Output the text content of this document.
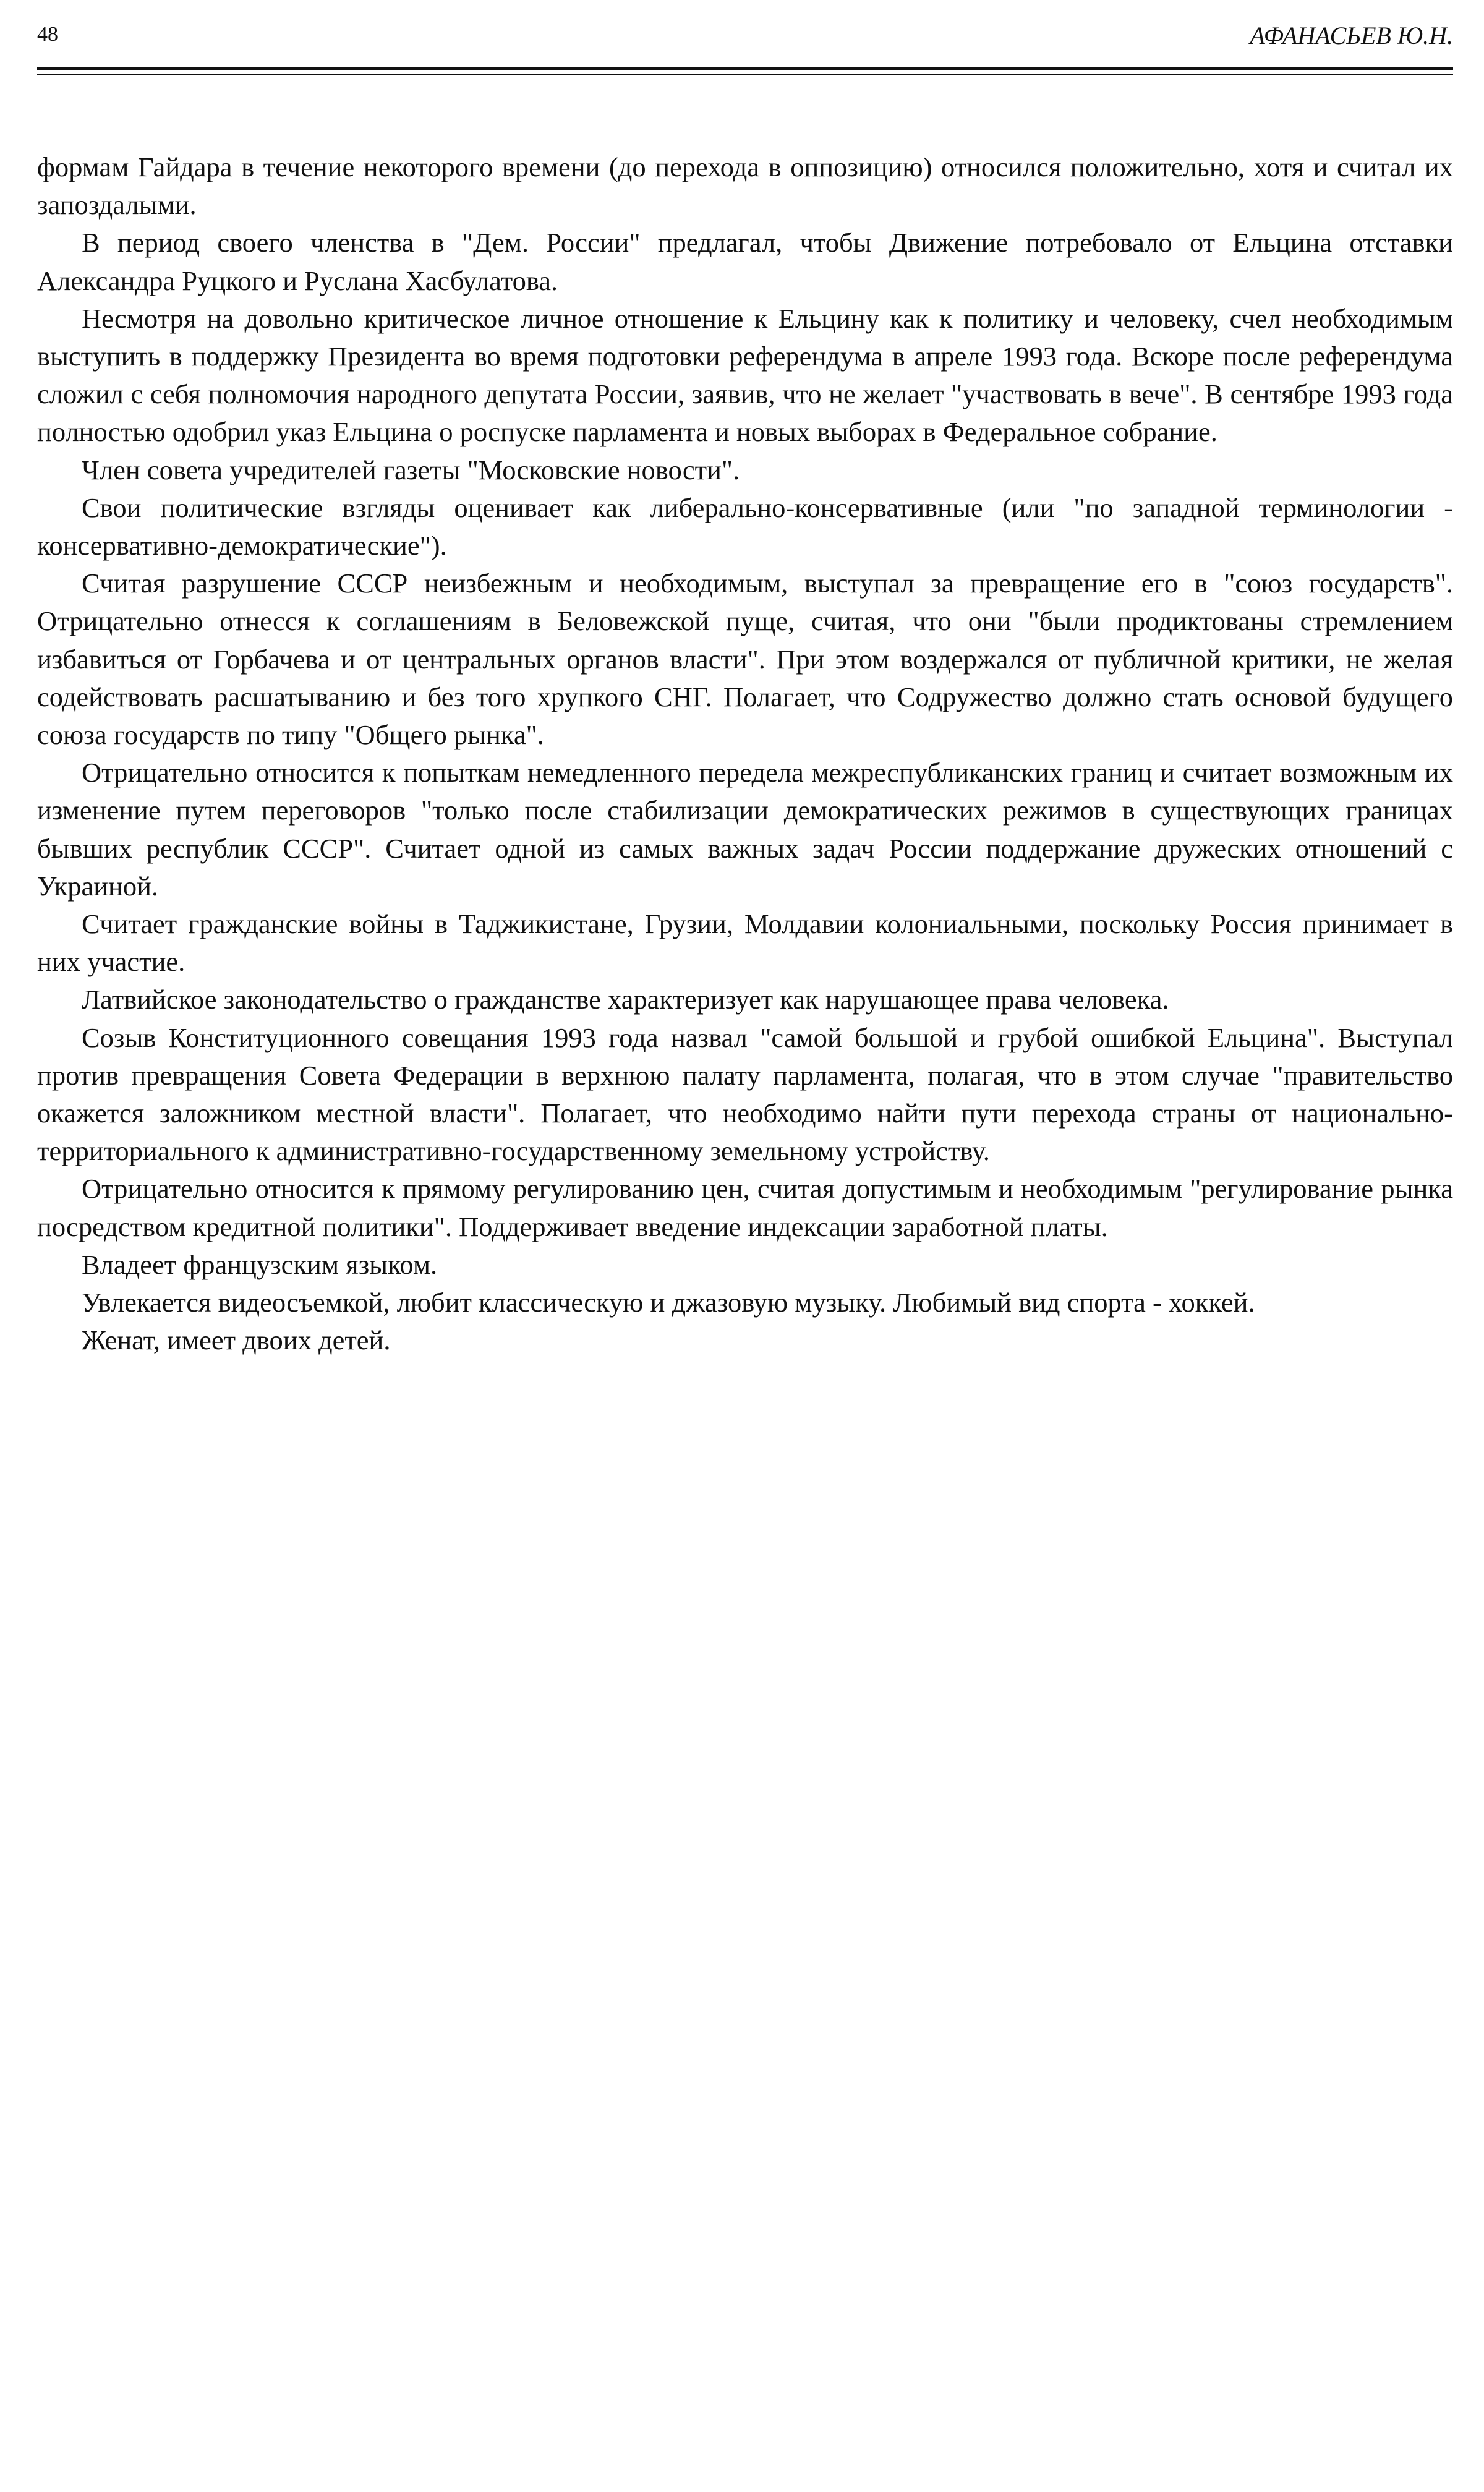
48	АФАНАСЬЕВ Ю.Н.

формам Гайдара в течение некоторого времени (до перехода в оппозицию) относился положительно, хотя и считал их запоздалыми.

В период своего членства в "Дем. России" предлагал, чтобы Движение потребовало от Ельцина отставки Александра Руцкого и Руслана Хасбулатова.

Несмотря на довольно критическое личное отношение к Ельцину как к политику и человеку, счел необходимым выступить в поддержку Президента во время подготовки референдума в апреле 1993 года. Вскоре после референдума сложил с себя полномочия народного депутата России, заявив, что не желает "участвовать в вече". В сентябре 1993 года полностью одобрил указ Ельцина о роспуске парламента и новых выборах в Федеральное собрание.

Член совета учредителей газеты "Московские новости".

Свои политические взгляды оценивает как либерально-консервативные (или "по западной терминологии - консервативно-демократические").

Считая разрушение СССР неизбежным и необходимым, выступал за превращение его в "союз государств". Отрицательно отнесся к соглашениям в Беловежской пуще, считая, что они "были продиктованы стремлением избавиться от Горбачева и от центральных органов власти". При этом воздержался от публичной критики, не желая содействовать расшатыванию и без того хрупкого СНГ. Полагает, что Содружество должно стать основой будущего союза государств по типу "Общего рынка".

Отрицательно относится к попыткам немедленного передела межреспубликанских границ и считает возможным их изменение путем переговоров "только после стабилизации демократических режимов в существующих границах бывших республик СССР". Считает одной из самых важных задач России поддержание дружеских отношений с Украиной.

Считает гражданские войны в Таджикистане, Грузии, Молдавии колониальными, поскольку Россия принимает в них участие.

Латвийское законодательство о гражданстве характеризует как нарушающее права человека.

Созыв Конституционного совещания 1993 года назвал "самой большой и грубой ошибкой Ельцина". Выступал против превращения Совета Федерации в верхнюю палату парламента, полагая, что в этом случае "правительство окажется заложником местной власти". Полагает, что необходимо найти пути перехода страны от национально-территориального к административно-государственному земельному устройству.

Отрицательно относится к прямому регулированию цен, считая допустимым и необходимым "регулирование рынка посредством кредитной политики". Поддерживает введение индексации заработной платы.

Владеет французским языком.

Увлекается видеосъемкой, любит классическую и джазовую музыку. Любимый вид спорта - хоккей.

Женат, имеет двоих детей.
